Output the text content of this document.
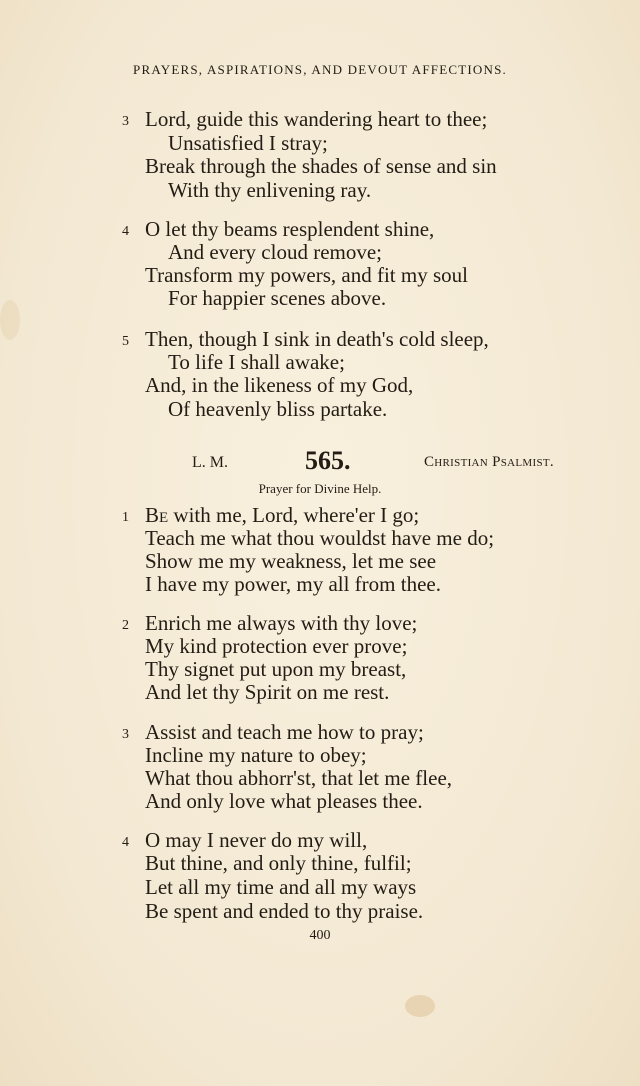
PRAYERS, ASPIRATIONS, AND DEVOUT AFFECTIONS.
3 Lord, guide this wandering heart to thee;
Unsatisfied I stray;
Break through the shades of sense and sin
With thy enlivening ray.
4 O let thy beams resplendent shine,
And every cloud remove;
Transform my powers, and fit my soul
For happier scenes above.
5 Then, though I sink in death's cold sleep,
To life I shall awake;
And, in the likeness of my God,
Of heavenly bliss partake.
L. M.	565.	Christian Psalmist.
Prayer for Divine Help.
1 Be with me, Lord, where'er I go;
Teach me what thou wouldst have me do;
Show me my weakness, let me see
I have my power, my all from thee.
2 Enrich me always with thy love;
My kind protection ever prove;
Thy signet put upon my breast,
And let thy Spirit on me rest.
3 Assist and teach me how to pray;
Incline my nature to obey;
What thou abhorr'st, that let me flee,
And only love what pleases thee.
4 O may I never do my will,
But thine, and only thine, fulfil;
Let all my time and all my ways
Be spent and ended to thy praise.
400
